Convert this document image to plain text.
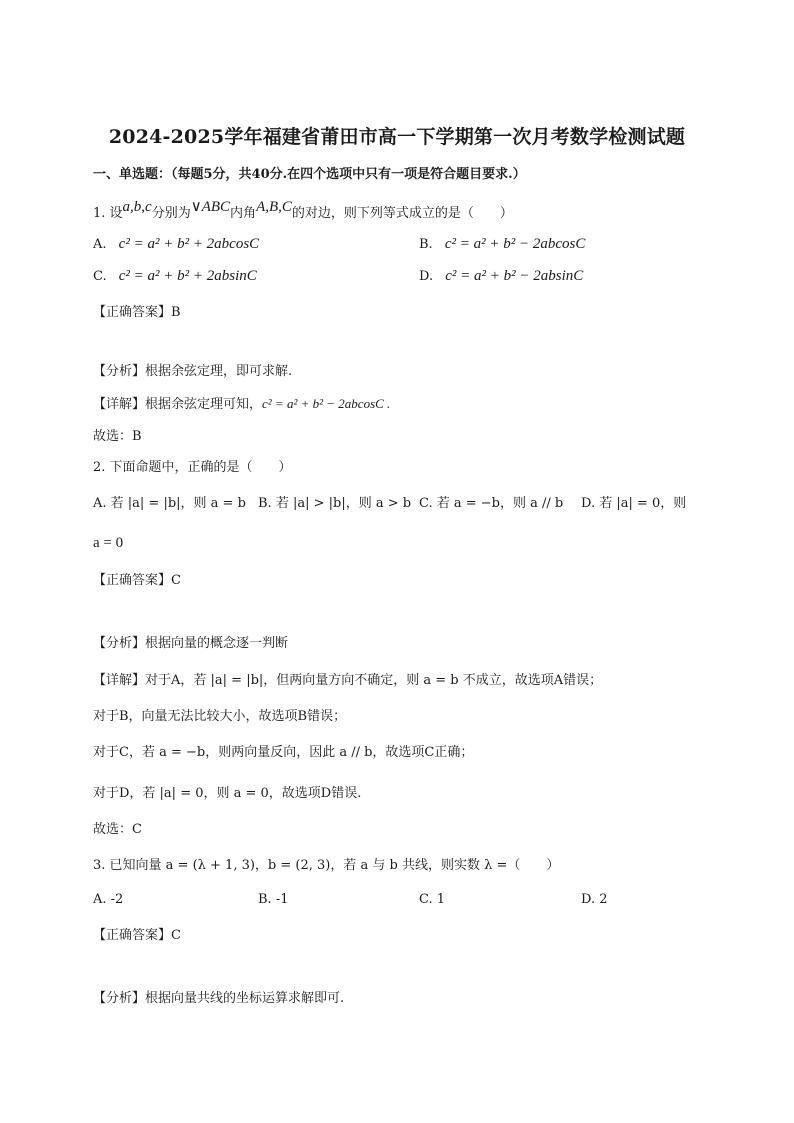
2024-2025学年福建省莆田市高一下学期第一次月考数学检测试题
一、单选题：（每题5分，共40分.在四个选项中只有一项是符合题目要求.）
1. 设a,b,c分别为∨ABC内角A,B,C的对边，则下列等式成立的是（　　）
A. c² = a² + b² + 2abcosC	B. c² = a² + b² − 2abcosC
C. c² = a² + b² + 2absinC	D. c² = a² + b² − 2absinC
【正确答案】B
【分析】根据余弦定理，即可求解.
【详解】根据余弦定理可知，c² = a² + b² − 2abcosC .
故选：B
2. 下面命题中，正确的是（　　）
A. 若 |a| = |b|，则 a = b B. 若 |a| > |b|，则 a > b C. 若 a = −b，则 a // b D. 若 |a| = 0，则
a = 0
【正确答案】C
【分析】根据向量的概念逐一判断
【详解】对于A，若 |a| = |b|，但两向量方向不确定，则 a = b 不成立，故选项A错误；
对于B，向量无法比较大小，故选项B错误；
对于C，若 a = −b，则两向量反向，因此 a // b，故选项C正确；
对于D，若 |a| = 0，则 a = 0，故选项D错误.
故选：C
3. 已知向量 a = (λ + 1, 3)，b = (2, 3)，若 a 与 b 共线，则实数 λ =（　　）
A. -2	B. -1	C. 1	D. 2
【正确答案】C
【分析】根据向量共线的坐标运算求解即可.
